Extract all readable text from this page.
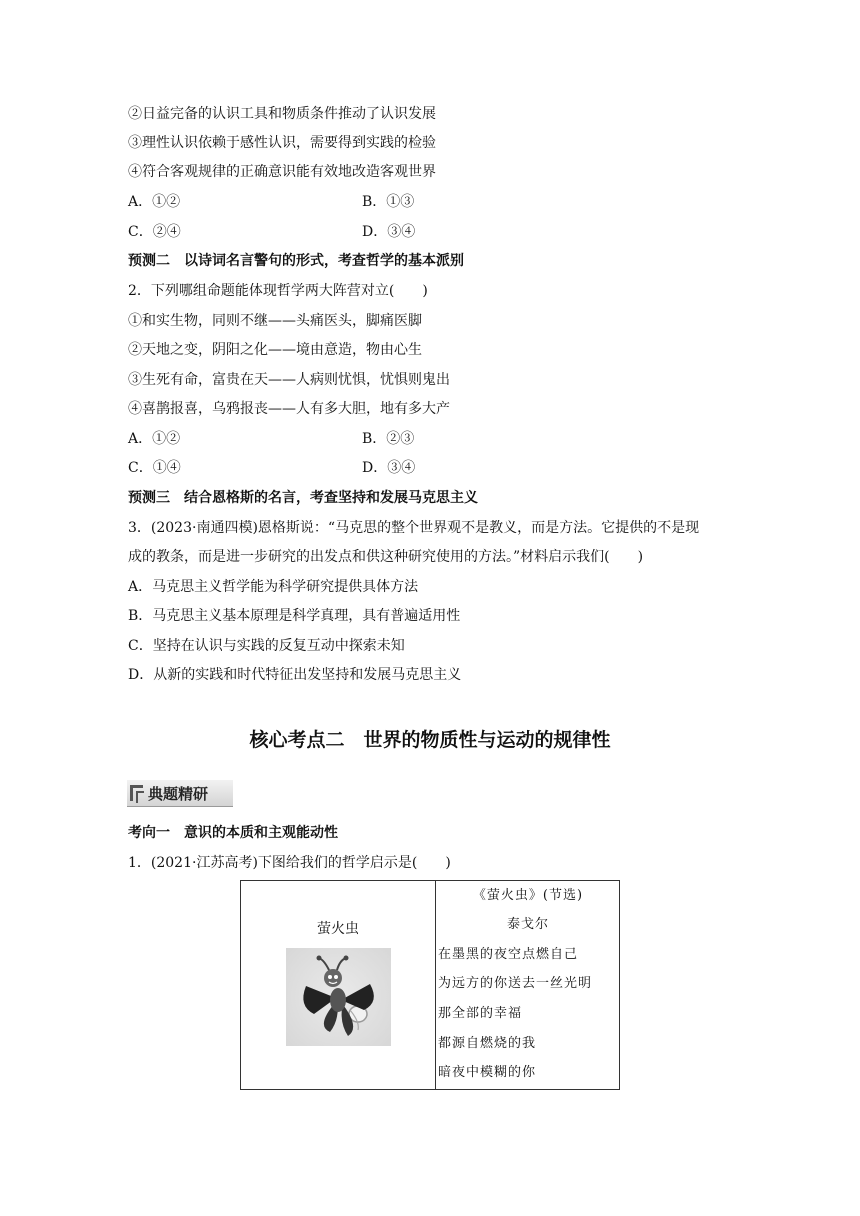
②日益完备的认识工具和物质条件推动了认识发展
③理性认识依赖于感性认识，需要得到实践的检验
④符合客观规律的正确意识能有效地改造客观世界
A．①②	B．①③
C．②④	D．③④
预测二　以诗词名言警句的形式，考查哲学的基本派别
2．下列哪组命题能体现哲学两大阵营对立(　　)
①和实生物，同则不继——头痛医头，脚痛医脚
②天地之变，阴阳之化——境由意造，物由心生
③生死有命，富贵在天——人病则忧惧，忧惧则鬼出
④喜鹊报喜，乌鸦报丧——人有多大胆，地有多大产
A．①②	B．②③
C．①④	D．③④
预测三　结合恩格斯的名言，考查坚持和发展马克思主义
3．(2023·南通四模)恩格斯说：“马克思的整个世界观不是教义，而是方法。它提供的不是现
成的教条，而是进一步研究的出发点和供这种研究使用的方法。”材料启示我们(　　)
A．马克思主义哲学能为科学研究提供具体方法
B．马克思主义基本原理是科学真理，具有普遍适用性
C．坚持在认识与实践的反复互动中探索未知
D．从新的实践和时代特征出发坚持和发展马克思主义
核心考点二　世界的物质性与运动的规律性
典题精研
考向一　意识的本质和主观能动性
1．(2021·江苏高考)下图给我们的哲学启示是(　　)
萤火虫
《萤火虫》(节选)
泰戈尔
在墨黑的夜空点燃自己
为远方的你送去一丝光明
那全部的幸福
都源自燃烧的我
暗夜中模糊的你
